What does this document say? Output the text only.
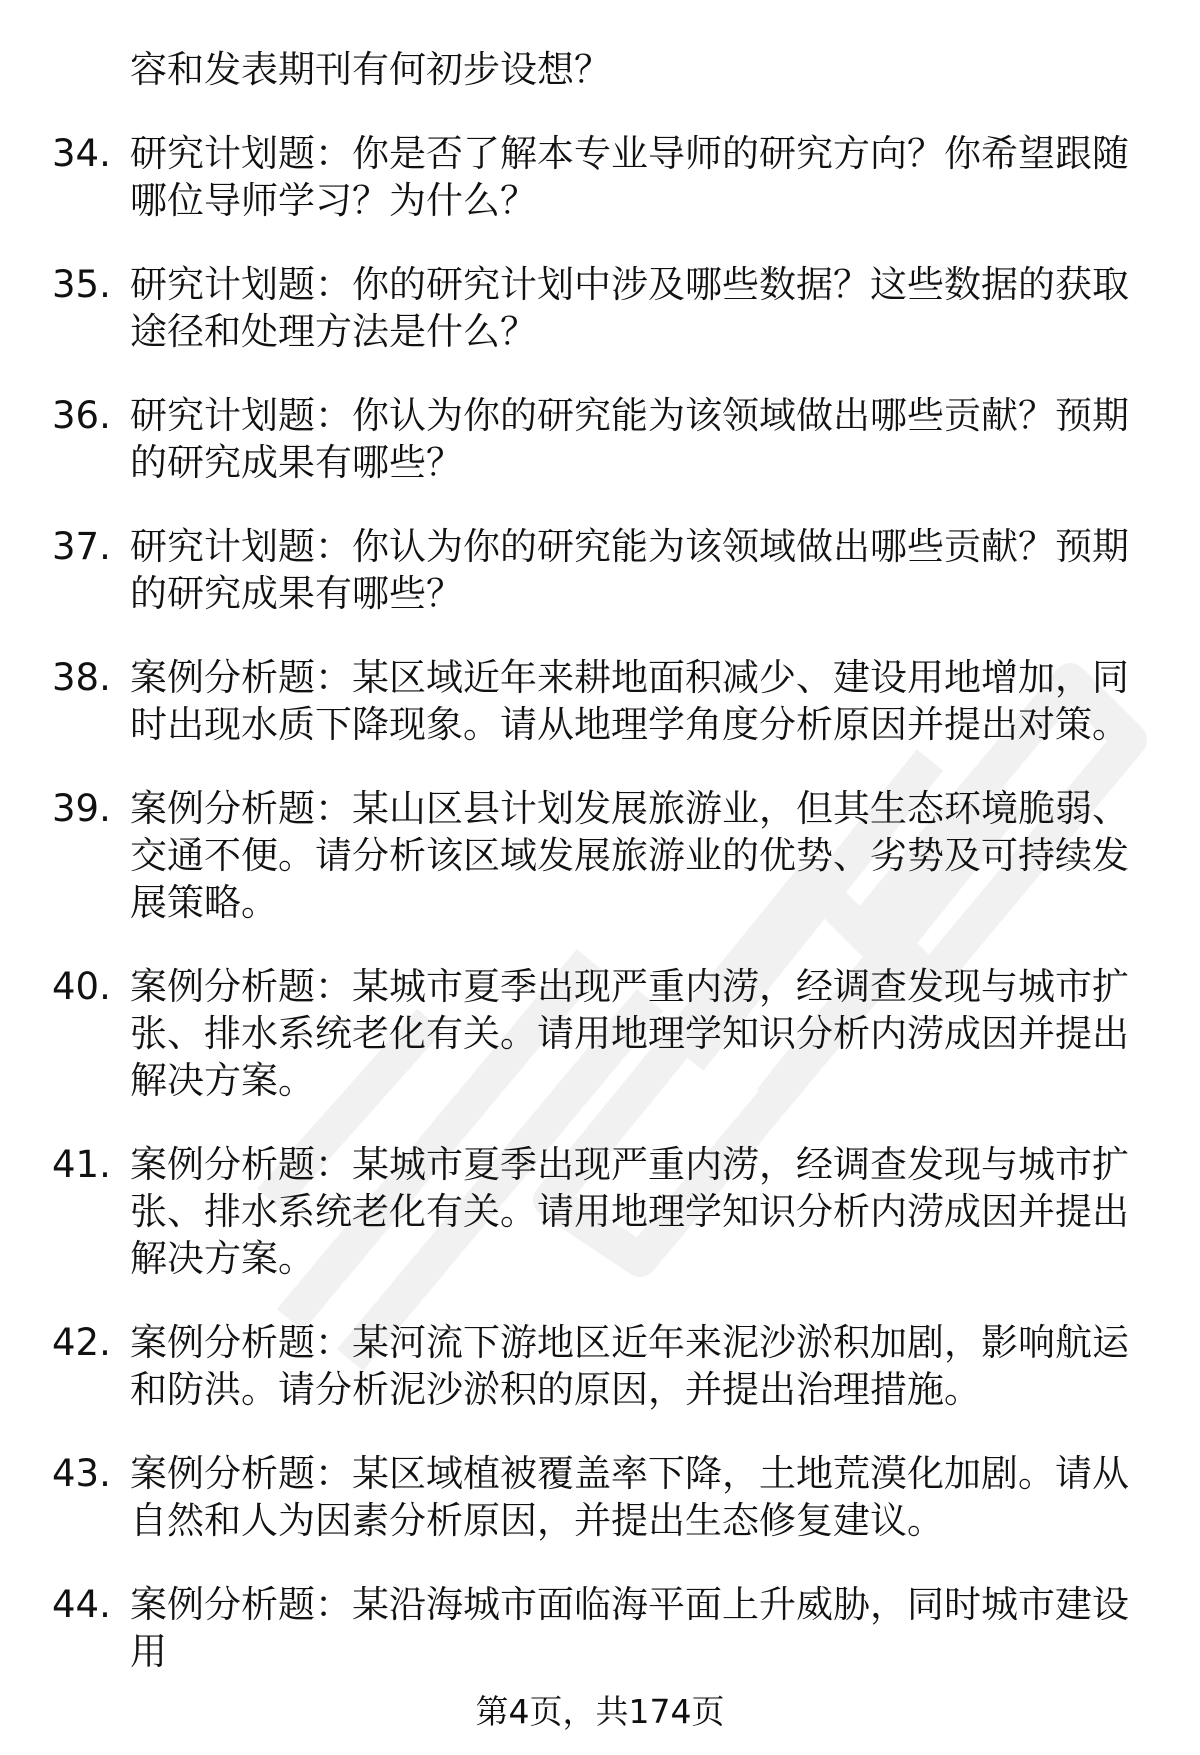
容和发表期刊有何初步设想？
34. 研究计划题：你是否了解本专业导师的研究方向？你希望跟随哪位导师学习？为什么？
35. 研究计划题：你的研究计划中涉及哪些数据？这些数据的获取途径和处理方法是什么？
36. 研究计划题：你认为你的研究能为该领域做出哪些贡献？预期的研究成果有哪些？
37. 研究计划题：你认为你的研究能为该领域做出哪些贡献？预期的研究成果有哪些？
38. 案例分析题：某区域近年来耕地面积减少、建设用地增加，同时出现水质下降现象。请从地理学角度分析原因并提出对策。
39. 案例分析题：某山区县计划发展旅游业，但其生态环境脆弱、交通不便。请分析该区域发展旅游业的优势、劣势及可持续发展策略。
40. 案例分析题：某城市夏季出现严重内涝，经调查发现与城市扩张、排水系统老化有关。请用地理学知识分析内涝成因并提出解决方案。
41. 案例分析题：某城市夏季出现严重内涝，经调查发现与城市扩张、排水系统老化有关。请用地理学知识分析内涝成因并提出解决方案。
42. 案例分析题：某河流下游地区近年来泥沙淤积加剧，影响航运和防洪。请分析泥沙淤积的原因，并提出治理措施。
43. 案例分析题：某区域植被覆盖率下降，土地荒漠化加剧。请从自然和人为因素分析原因，并提出生态修复建议。
44. 案例分析题：某沿海城市面临海平面上升威胁，同时城市建设用
第4页，共174页
